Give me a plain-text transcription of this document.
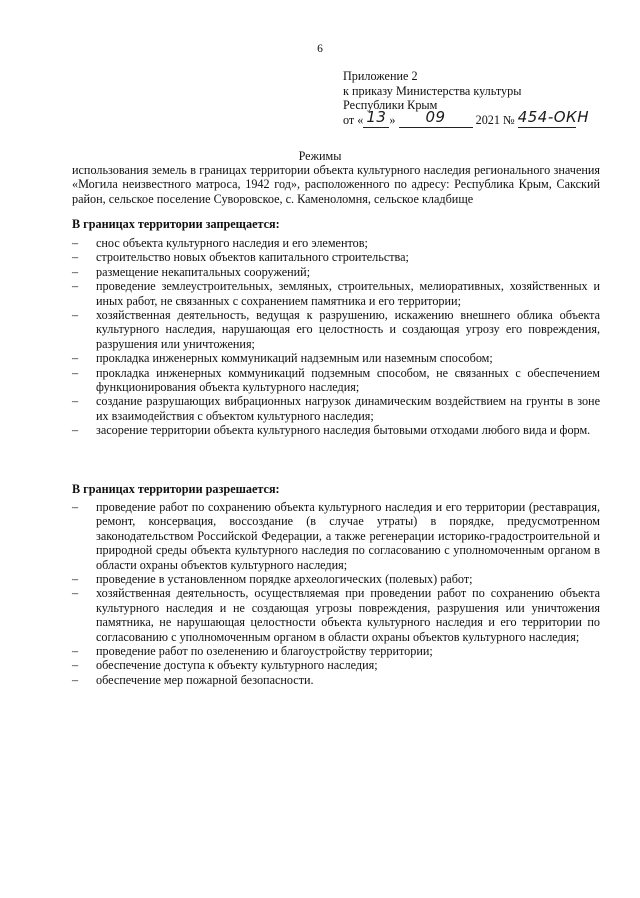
6
Приложение 2
к приказу Министерства культуры
Республики Крым
от « 13 » 09 2021 № 454-ОКН
Режимы
использования земель в границах территории объекта культурного наследия регионального значения «Могила неизвестного матроса, 1942 год», расположенного по адресу: Республика Крым, Сакский район, сельское поселение Суворовское, с. Каменоломня, сельское кладбище
В границах территории запрещается:
– снос объекта культурного наследия и его элементов;
– строительство новых объектов капитального строительства;
– размещение некапитальных сооружений;
– проведение землеустроительных, земляных, строительных, мелиоративных, хозяйственных и иных работ, не связанных с сохранением памятника и его территории;
– хозяйственная деятельность, ведущая к разрушению, искажению внешнего облика объекта культурного наследия, нарушающая его целостность и создающая угрозу его повреждения, разрушения или уничтожения;
– прокладка инженерных коммуникаций надземным или наземным способом;
– прокладка инженерных коммуникаций подземным способом, не связанных с обеспечением функционирования объекта культурного наследия;
– создание разрушающих вибрационных нагрузок динамическим воздействием на грунты в зоне их взаимодействия с объектом культурного наследия;
– засорение территории объекта культурного наследия бытовыми отходами любого вида и форм.
В границах территории разрешается:
– проведение работ по сохранению объекта культурного наследия и его территории (реставрация, ремонт, консервация, воссоздание (в случае утраты) в порядке, предусмотренном законодательством Российской Федерации, а также регенерации историко-градостроительной и природной среды объекта культурного наследия по согласованию с уполномоченным органом в области охраны объектов культурного наследия;
– проведение в установленном порядке археологических (полевых) работ;
– хозяйственная деятельность, осуществляемая при проведении работ по сохранению объекта культурного наследия и не создающая угрозы повреждения, разрушения или уничтожения памятника, не нарушающая целостности объекта культурного наследия и его территории по согласованию с уполномоченным органом в области охраны объектов культурного наследия;
– проведение работ по озеленению и благоустройству территории;
– обеспечение доступа к объекту культурного наследия;
– обеспечение мер пожарной безопасности.
